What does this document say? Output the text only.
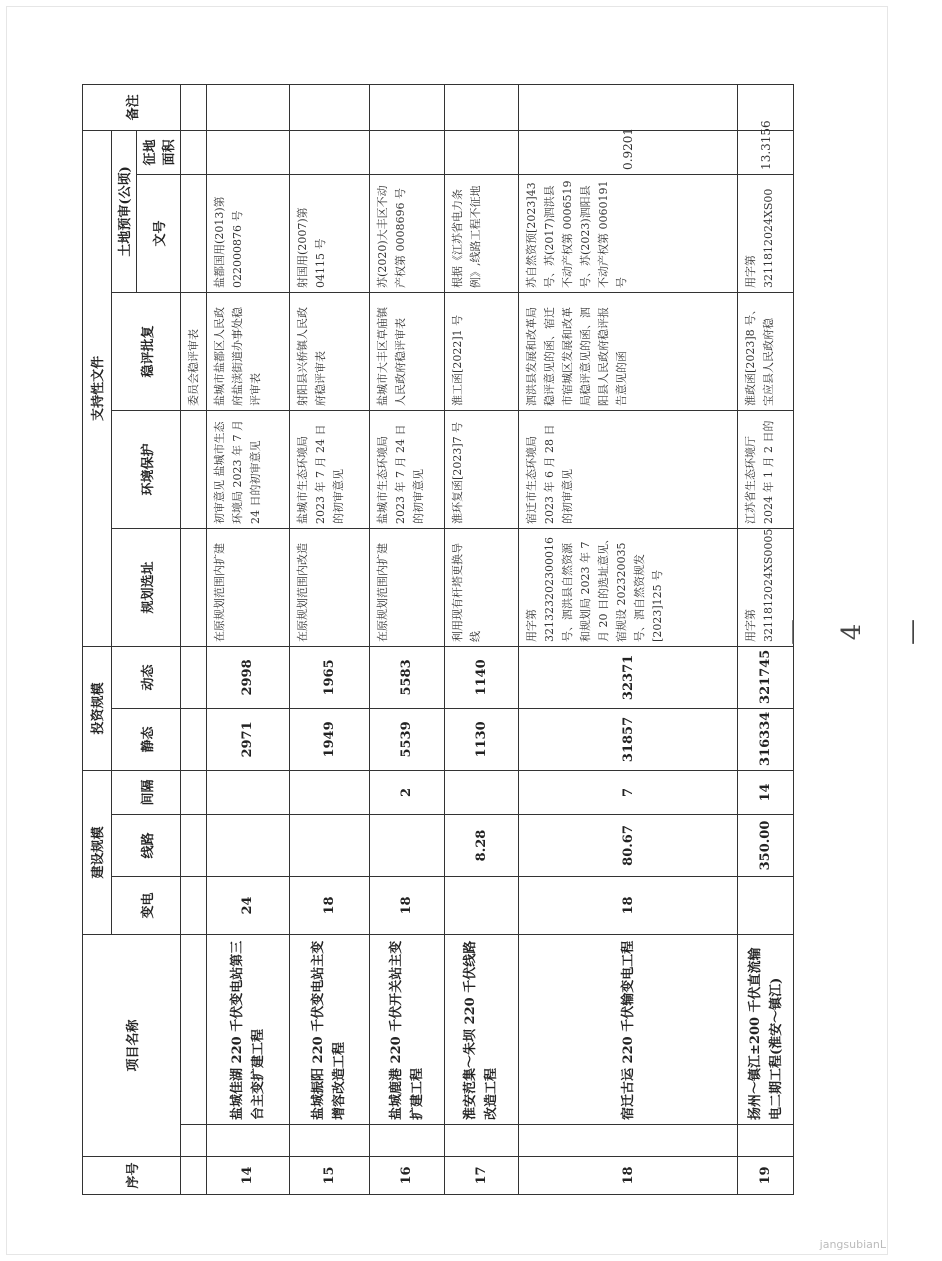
序号	项目名称		建设规模			投资规模		支持性文件					备注
			变电	线路	间隔	静态	动态	规划选址	环境保护	稳评批复	土地预审(公顷)		
											文号	征地面积	
										委员会稳评审表			
14		盐城佳湖 220 千伏变电站第三台主变扩建工程	24			2971	2998	在原规划范围内扩建	初审意见 盐城市生态环境局 2023 年 7 月 24 日的初审意见	盐城市盐都区人民政府盐渎街道办事处稳评审表	盐都国用(2013)第 022000876 号		
15		盐城振阳 220 千伏变电站主变增容改造工程	18			1949	1965	在原规划范围内改造	盐城市生态环境局 2023 年 7 月 24 日的初审意见	射阳县兴桥镇人民政府稳评审表	射国用(2007)第 04115 号		
16		盐城鹿港 220 千伏开关站主变扩建工程	18		2	5539	5583	在原规划范围内扩建	盐城市生态环境局 2023 年 7 月 24 日的初审意见	盐城市大丰区草庙镇人民政府稳评审表	苏(2020)大丰区不动产权第 0008696 号		
17		淮安范集～朱坝 220 千伏线路改造工程		8.28		1130	1140	利用现有杆塔更换导线	淮环复函[2023]7 号	淮工函[2022]1 号	根据《江苏省电力条例》,线路工程不征地		
18		宿迁古运 220 千伏输变电工程	18	80.67	7	31857	32371	用字第 321323202300016 号、泗洪县自然资源和规划局 2023 年 7 月 20 日的选址意见、宿规设 202320035 号、泗自然资规发[2023]125 号	宿迁市生态环境局 2023 年 6 月 28 日的初审意见	泗洪县发展和改革局稳评意见的函、宿迁市宿城区发展和改革局稳评意见的函、泗阳县人民政府稳评报告意见的函	苏自然资预[2023]43 号、苏(2017)泗洪县不动产权第 0006519 号、苏(2023)泗阳县不动产权第 0060191 号	0.9201	
19		扬州～镇江±200 千伏直流输电二期工程(淮安～镇江)		350.00	14	316334	321745	用字第 3211812024XS0005	江苏省生态环境厅 2024 年 1 月 2 日的	淮政函[2023]8 号、宝应县人民政府稳	用字第 3211812024XS00	13.3156	
—4—
jangsubianL
